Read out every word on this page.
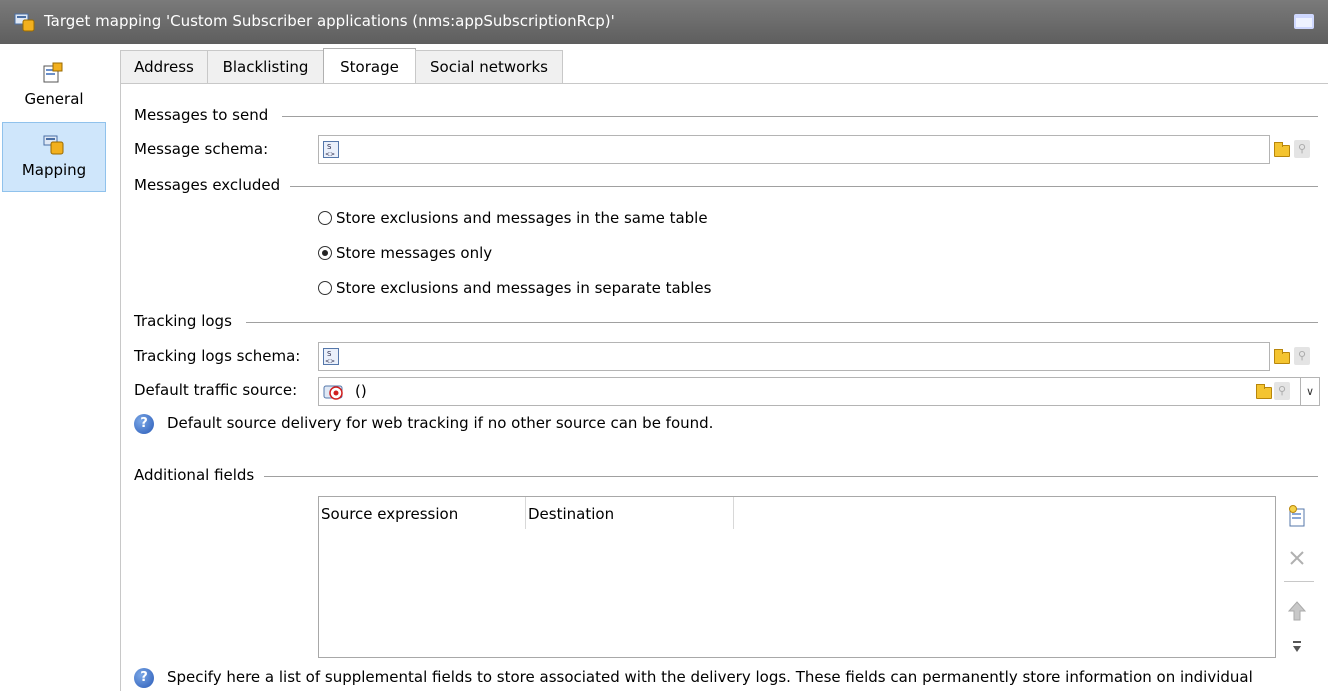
Target mapping 'Custom Subscriber applications (nms:appSubscriptionRcp)'
General
Mapping
Address	Blacklisting	Storage	Social networks
Messages to send
Message schema:	S
<>	⚲
Messages excluded
Store exclusions and messages in the same table
Store messages only
Store exclusions and messages in separate tables
Tracking logs
Tracking logs schema:	S
<>	⚲
Default traffic source:	()	∨
⚲
?	Default source delivery for web tracking if no other source can be found.
Additional fields
Source expression	Destination
?	Specify here a list of supplemental fields to store associated with the delivery logs. These fields can permanently store information on individual
